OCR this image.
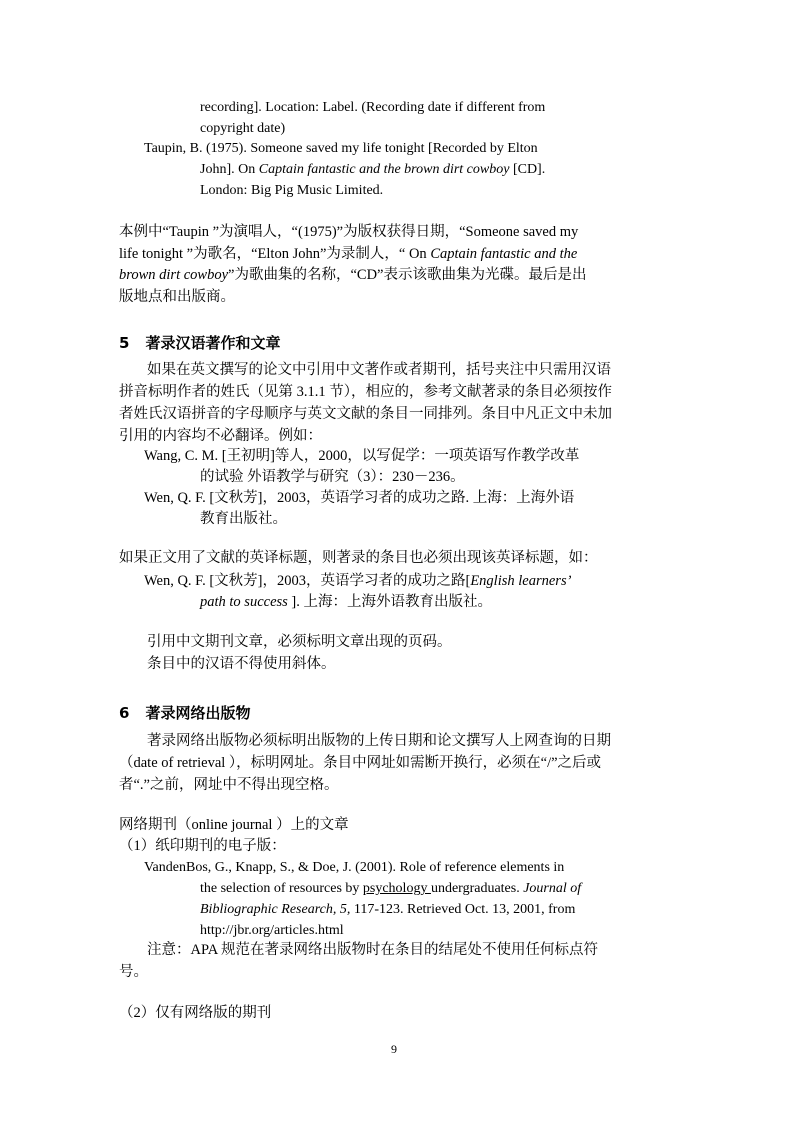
recording]. Location: Label. (Recording date if different from
copyright date)
Taupin, B. (1975). Someone saved my life tonight [Recorded by Elton
John]. On Captain fantastic and the brown dirt cowboy [CD].
London: Big Pig Music Limited.
本例中“Taupin ”为演唱人，“(1975)”为版权获得日期，“Someone saved my
life tonight ”为歌名，“Elton John”为录制人，“ On Captain fantastic and the
brown dirt cowboy”为歌曲集的名称，“CD”表示该歌曲集为光碟。最后是出
版地点和出版商。
5 著录汉语著作和文章
如果在英文撰写的论文中引用中文著作或者期刊，括号夹注中只需用汉语
拼音标明作者的姓氏（见第 3.1.1 节），相应的，参考文献著录的条目必须按作
者姓氏汉语拼音的字母顺序与英文文献的条目一同排列。条目中凡正文中未加
引用的内容均不必翻译。例如：
Wang, C. M. [王初明]等人，2000，以写促学：一项英语写作教学改革
的试验 外语教学与研究（3）：230－236。
Wen, Q. F. [文秋芳]，2003，英语学习者的成功之路. 上海：上海外语
教育出版社。
如果正文用了文献的英译标题，则著录的条目也必须出现该英译标题，如：
Wen, Q. F. [文秋芳]，2003，英语学习者的成功之路[English learners’
path to success ]. 上海：上海外语教育出版社。
引用中文期刊文章，必须标明文章出现的页码。
条目中的汉语不得使用斜体。
6 著录网络出版物
著录网络出版物必须标明出版物的上传日期和论文撰写人上网查询的日期
（date of retrieval ），标明网址。条目中网址如需断开换行，必须在“/”之后或
者“.”之前，网址中不得出现空格。
网络期刊（online journal ）上的文章
（1）纸印期刊的电子版：
VandenBos, G., Knapp, S., & Doe, J. (2001). Role of reference elements in
the selection of resources by psychology undergraduates. Journal of
Bibliographic Research, 5, 117-123. Retrieved Oct. 13, 2001, from
http://jbr.org/articles.html
注意：APA 规范在著录网络出版物时在条目的结尾处不使用任何标点符
号。
（2）仅有网络版的期刊
9
